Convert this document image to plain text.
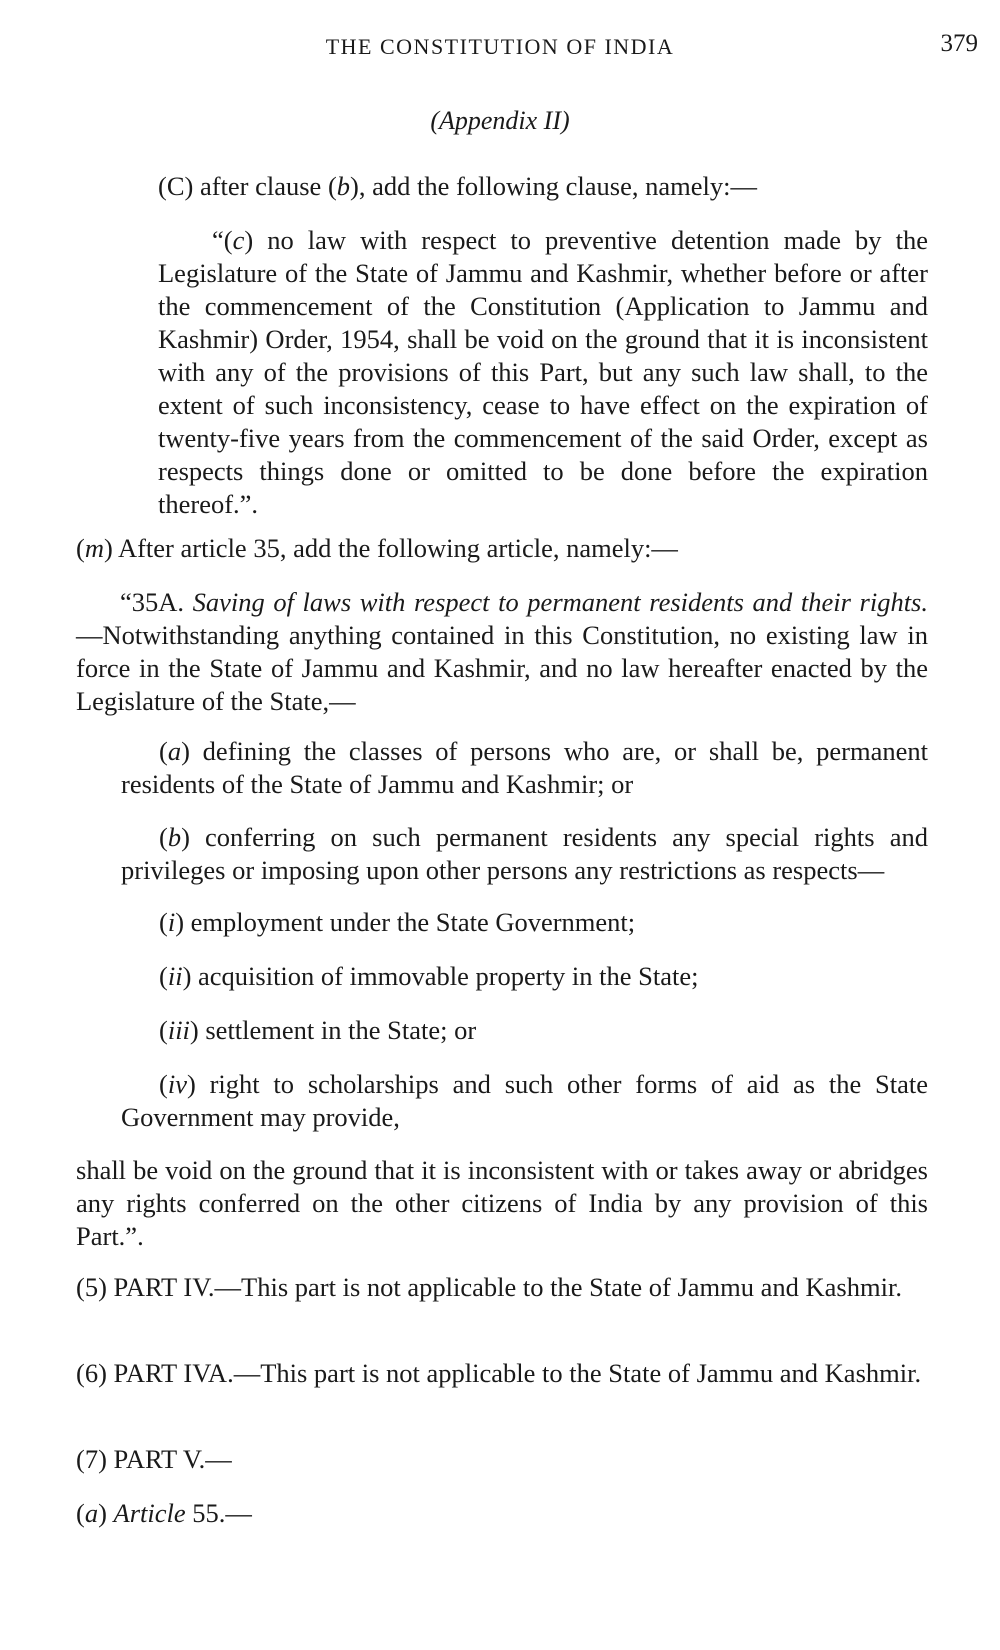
THE CONSTITUTION OF INDIA	379
(Appendix II)

(C) after clause (b), add the following clause, namely:—

“(c) no law with respect to preventive detention made by the Legislature of the State of Jammu and Kashmir, whether before or after the commencement of the Constitution (Application to Jammu and Kashmir) Order, 1954, shall be void on the ground that it is inconsistent with any of the provisions of this Part, but any such law shall, to the extent of such inconsistency, cease to have effect on the expiration of twenty-five years from the commencement of the said Order, except as respects things done or omitted to be done before the expiration thereof.”.

(m) After article 35, add the following article, namely:—

“35A. Saving of laws with respect to permanent residents and their rights.—Notwithstanding anything contained in this Constitution, no existing law in force in the State of Jammu and Kashmir, and no law hereafter enacted by the Legislature of the State,—

(a) defining the classes of persons who are, or shall be, permanent residents of the State of Jammu and Kashmir; or

(b) conferring on such permanent residents any special rights and privileges or imposing upon other persons any restrictions as respects—

(i) employment under the State Government;

(ii) acquisition of immovable property in the State;

(iii) settlement in the State; or

(iv) right to scholarships and such other forms of aid as the State Government may provide,

shall be void on the ground that it is inconsistent with or takes away or abridges any rights conferred on the other citizens of India by any provision of this Part.”.

(5) PART IV.—This part is not applicable to the State of Jammu and Kashmir.

(6) PART IVA.—This part is not applicable to the State of Jammu and Kashmir.

(7) PART V.—

(a) Article 55.—
